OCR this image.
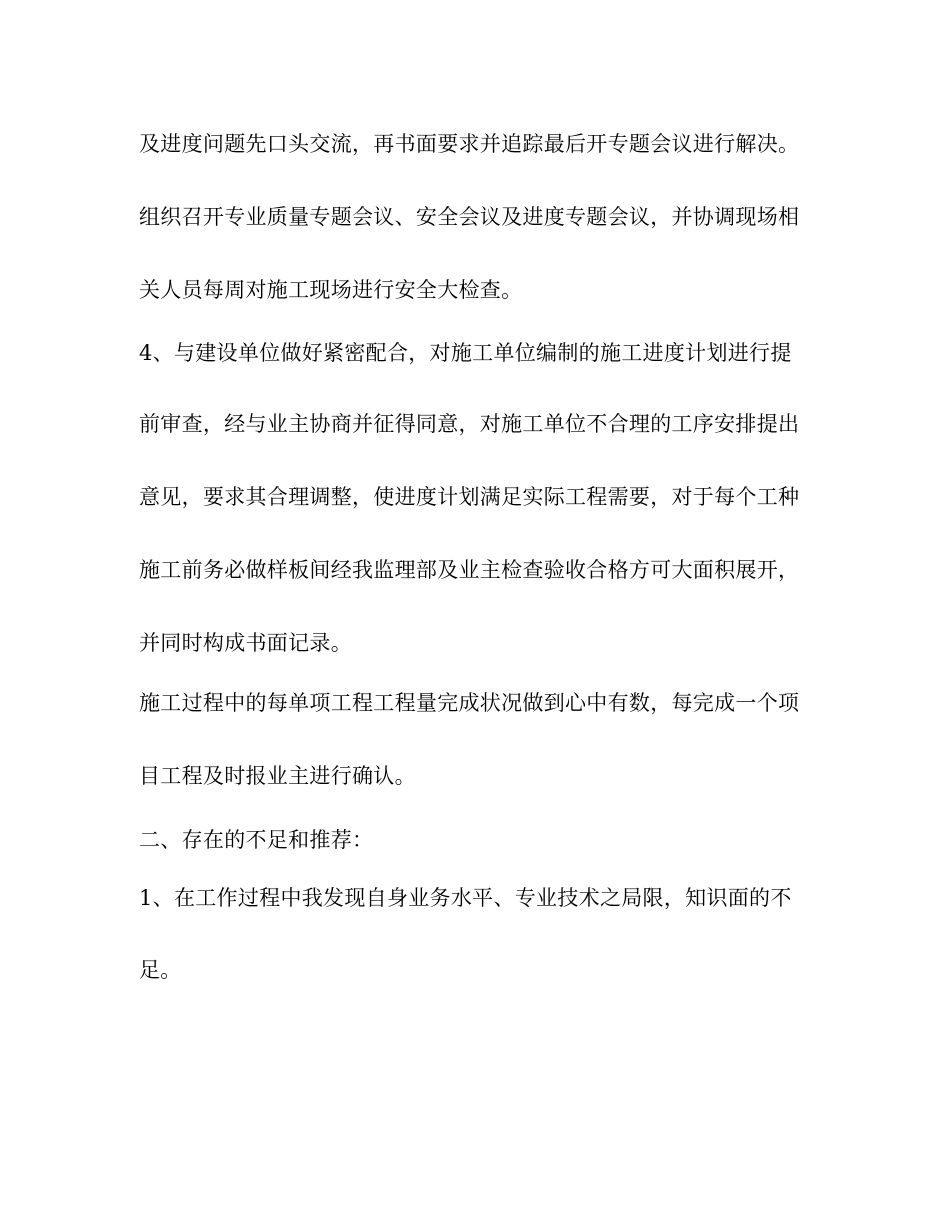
及进度问题先口头交流，再书面要求并追踪最后开专题会议进行解决。
组织召开专业质量专题会议、安全会议及进度专题会议，并协调现场相
关人员每周对施工现场进行安全大检查。
4、与建设单位做好紧密配合，对施工单位编制的施工进度计划进行提
前审查，经与业主协商并征得同意，对施工单位不合理的工序安排提出
意见，要求其合理调整，使进度计划满足实际工程需要，对于每个工种
施工前务必做样板间经我监理部及业主检查验收合格方可大面积展开，
并同时构成书面记录。
施工过程中的每单项工程工程量完成状况做到心中有数，每完成一个项
目工程及时报业主进行确认。
二、存在的不足和推荐：
1、在工作过程中我发现自身业务水平、专业技术之局限，知识面的不
足。
